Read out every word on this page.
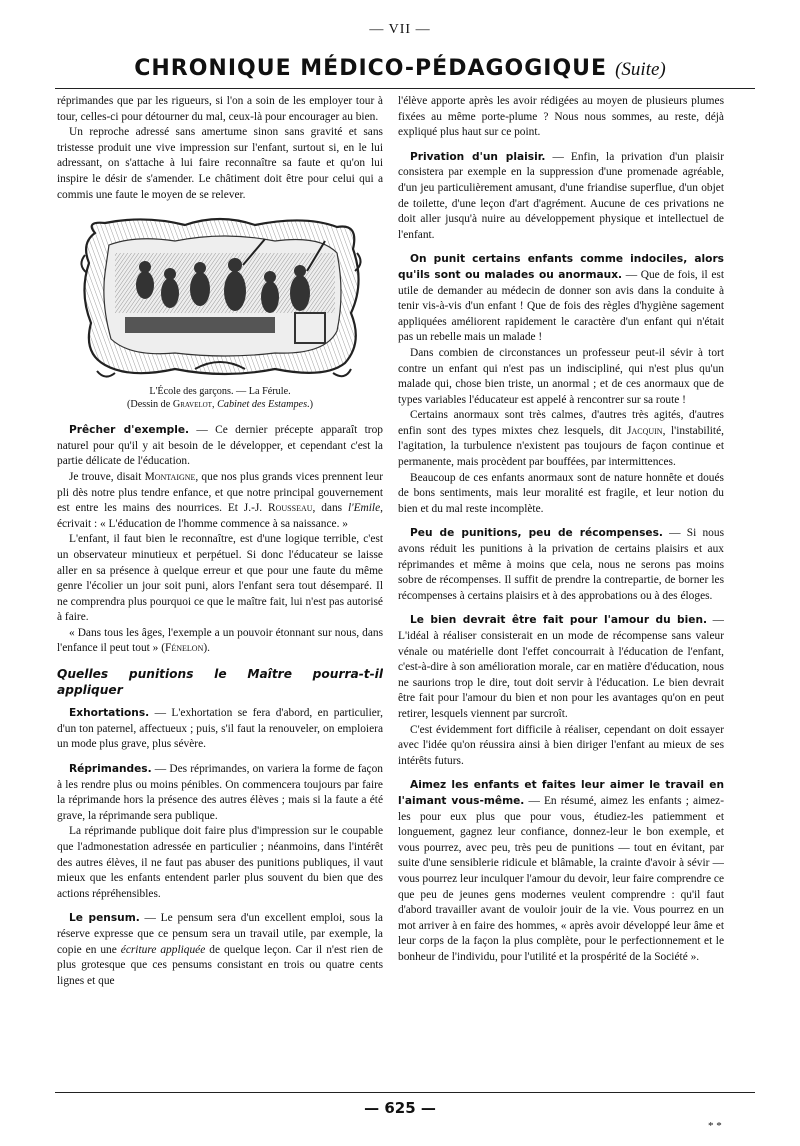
— VII —
CHRONIQUE MÉDICO-PÉDAGOGIQUE (Suite)

réprimandes que par les rigueurs, si l'on a soin de les employer tour à tour, celles-ci pour détourner du mal, ceux-là pour encourager au bien.

Un reproche adressé sans amertume sinon sans gravité et sans tristesse produit une vive impression sur l'enfant, surtout si, en le lui adressant, on s'attache à lui faire reconnaître sa faute et qu'on lui inspire le désir de s'amender. Le châtiment doit être pour celui qui a commis une faute le moyen de se relever.

L'École des garçons. — La Férule.
(Dessin de Gravelot, Cabinet des Estampes.)

Prêcher d'exemple. — Ce dernier précepte apparaît trop naturel pour qu'il y ait besoin de le développer, et cependant c'est la partie délicate de l'éducation.

Je trouve, disait Montaigne, que nos plus grands vices prennent leur pli dès notre plus tendre enfance, et que notre principal gouvernement est entre les mains des nourrices. Et J.-J. Rousseau, dans l'Emile, écrivait : « L'éducation de l'homme commence à sa naissance. »

L'enfant, il faut bien le reconnaître, est d'une logique terrible, c'est un observateur minutieux et perpétuel. Si donc l'éducateur se laisse aller en sa présence à quelque erreur et que pour une faute du même genre l'écolier un jour soit puni, alors l'enfant sera tout désemparé. Il ne comprendra plus pourquoi ce que le maître fait, lui n'est pas autorisé à faire.

« Dans tous les âges, l'exemple a un pouvoir étonnant sur nous, dans l'enfance il peut tout » (Fénelon).

Quelles punitions le Maître pourra-t-il appliquer

Exhortations. — L'exhortation se fera d'abord, en particulier, d'un ton paternel, affectueux ; puis, s'il faut la renouveler, on emploiera un mode plus grave, plus sévère.

Réprimandes. — Des réprimandes, on variera la forme de façon à les rendre plus ou moins pénibles. On commencera toujours par faire la réprimande hors la présence des autres élèves ; mais si la faute a été grave, la réprimande sera publique.

La réprimande publique doit faire plus d'impression sur le coupable que l'admonestation adressée en particulier ; néanmoins, dans l'intérêt des autres élèves, il ne faut pas abuser des punitions publiques, il vaut mieux que les enfants entendent parler plus souvent du bien que des actions répréhensibles.

Le pensum. — Le pensum sera d'un excellent emploi, sous la réserve expresse que ce pensum sera un travail utile, par exemple, la copie en une écriture appliquée de quelque leçon. Car il n'est rien de plus grotesque que ces pensums consistant en trois ou quatre cents lignes et que

l'élève apporte après les avoir rédigées au moyen de plusieurs plumes fixées au même porte-plume ? Nous nous sommes, au reste, déjà expliqué plus haut sur ce point.

Privation d'un plaisir. — Enfin, la privation d'un plaisir consistera par exemple en la suppression d'une promenade agréable, d'un jeu particulièrement amusant, d'une friandise superflue, d'un objet de toilette, d'une leçon d'art d'agrément. Aucune de ces privations ne doit aller jusqu'à nuire au développement physique et intellectuel de l'enfant.

On punit certains enfants comme indociles, alors qu'ils sont ou malades ou anormaux. — Que de fois, il est utile de demander au médecin de donner son avis dans la conduite à tenir vis-à-vis d'un enfant ! Que de fois des règles d'hygiène sagement appliquées améliorent rapidement le caractère d'un enfant qui n'était pas un rebelle mais un malade !

Dans combien de circonstances un professeur peut-il sévir à tort contre un enfant qui n'est pas un indiscipliné, qui n'est plus qu'un malade qui, chose bien triste, un anormal ; et de ces anormaux que de types variables l'éducateur est appelé à rencontrer sur sa route !

Certains anormaux sont très calmes, d'autres très agités, d'autres enfin sont des types mixtes chez lesquels, dit Jacquin, l'instabilité, l'agitation, la turbulence n'existent pas toujours de façon continue et permanente, mais procèdent par bouffées, par intermittences.

Beaucoup de ces enfants anormaux sont de nature honnête et doués de bons sentiments, mais leur moralité est fragile, et leur notion du bien et du mal reste incomplète.

Peu de punitions, peu de récompenses. — Si nous avons réduit les punitions à la privation de certains plaisirs et aux réprimandes et même à moins que cela, nous ne serons pas moins sobre de récompenses. Il suffit de prendre la contrepartie, de borner les récompenses à certains plaisirs et à des approbations ou à des éloges.

Le bien devrait être fait pour l'amour du bien. — L'idéal à réaliser consisterait en un mode de récompense sans valeur vénale ou matérielle dont l'effet concourrait à l'éducation de l'enfant, c'est-à-dire à son amélioration morale, car en matière d'éducation, nous ne saurions trop le dire, tout doit servir à l'éducation. Le bien devrait être fait pour l'amour du bien et non pour les avantages qu'on en peut retirer, lesquels viennent par surcroît.

C'est évidemment fort difficile à réaliser, cependant on doit essayer avec l'idée qu'on réussira ainsi à bien diriger l'enfant au mieux de ses intérêts futurs.

Aimez les enfants et faites leur aimer le travail en l'aimant vous-même. — En résumé, aimez les enfants ; aimez-les pour eux plus que pour vous, étudiez-les patiemment et longuement, gagnez leur confiance, donnez-leur le bon exemple, et vous pourrez, avec peu, très peu de punitions — tout en évitant, par suite d'une sensiblerie ridicule et blâmable, la crainte d'avoir à sévir — vous pourrez leur inculquer l'amour du devoir, leur faire comprendre ce que peu de jeunes gens modernes veulent comprendre : qu'il faut d'abord travailler avant de vouloir jouir de la vie. Vous pourrez en un mot arriver à en faire des hommes, « après avoir développé leur âme et leur corps de la façon la plus complète, pour le perfectionnement et le bonheur de l'individu, pour l'utilité et la prospérité de la Société ».

— 625 —
* *
